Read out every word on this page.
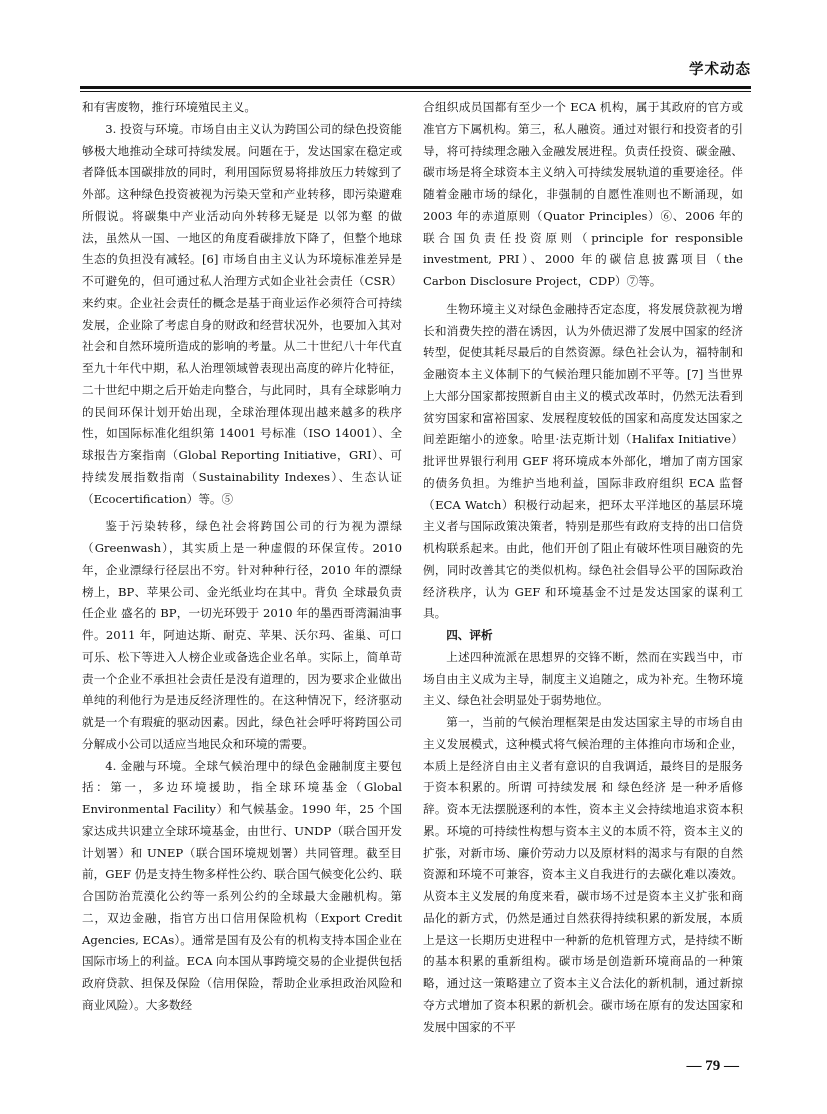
学术动态

和有害废物，推行环境殖民主义。

3. 投资与环境。市场自由主义认为跨国公司的绿色投资能够极大地推动全球可持续发展。问题在于，发达国家在稳定或者降低本国碳排放的同时，利用国际贸易将排放压力转嫁到了外部。这种绿色投资被视为污染天堂和产业转移，即污染避难所假说。将碳集中产业活动向外转移无疑是 以邻为壑 的做法，虽然从一国、一地区的角度看碳排放下降了，但整个地球生态的负担没有减轻。[6] 市场自由主义认为环境标准差异是不可避免的，但可通过私人治理方式如企业社会责任（CSR）来约束。企业社会责任的概念是基于商业运作必须符合可持续发展，企业除了考虑自身的财政和经营状况外，也要加入其对社会和自然环境所造成的影响的考量。从二十世纪八十年代直至九十年代中期，私人治理领域曾表现出高度的碎片化特征，二十世纪中期之后开始走向整合，与此同时，具有全球影响力的民间环保计划开始出现，全球治理体现出越来越多的秩序性，如国际标准化组织第 14001 号标准（ISO 14001）、全球报告方案指南（Global Reporting Initiative，GRI）、可持续发展指数指南（Sustainability Indexes）、生态认证（Ecocertification）等。⑤

鉴于污染转移，绿色社会将跨国公司的行为视为漂绿（Greenwash），其实质上是一种虚假的环保宣传。2010 年，企业漂绿行径层出不穷。针对种种行径，2010 年的漂绿榜上，BP、苹果公司、金光纸业均在其中。背负 全球最负责任企业 盛名的 BP，一切光环毁于 2010 年的墨西哥湾漏油事件。2011 年，阿迪达斯、耐克、苹果、沃尔玛、雀巢、可口可乐、松下等进入人榜企业或备选企业名单。实际上，简单苛责一个企业不承担社会责任是没有道理的，因为要求企业做出单纯的利他行为是违反经济理性的。在这种情况下，经济驱动就是一个有瑕疵的驱动因素。因此，绿色社会呼吁将跨国公司分解成小公司以适应当地民众和环境的需要。

4. 金融与环境。全球气候治理中的绿色金融制度主要包括：第一，多边环境援助，指全球环境基金（Global Environmental Facility）和气候基金。1990 年，25 个国家达成共识建立全球环境基金，由世行、UNDP（联合国开发计划署）和 UNEP（联合国环境规划署）共同管理。截至目前，GEF 仍是支持生物多样性公约、联合国气候变化公约、联合国防治荒漠化公约等一系列公约的全球最大金融机构。第二，双边金融，指官方出口信用保险机构（Export Credit Agencies, ECAs）。通常是国有及公有的机构支持本国企业在国际市场上的利益。ECA 向本国从事跨境交易的企业提供包括政府贷款、担保及保险（信用保险，帮助企业承担政治风险和商业风险）。大多数经

合组织成员国都有至少一个 ECA 机构，属于其政府的官方或准官方下属机构。第三，私人融资。通过对银行和投资者的引导，将可持续理念融入金融发展进程。负责任投资、碳金融、碳市场是将全球资本主义纳入可持续发展轨道的重要途径。伴随着金融市场的绿化，非强制的自愿性准则也不断涌现，如 2003 年的赤道原则（Quator Principles）⑥、2006 年的联合国负责任投资原则（principle for responsible investment, PRI）、2000 年的碳信息披露项目（the Carbon Disclosure Project，CDP）⑦等。

生物环境主义对绿色金融持否定态度，将发展贷款视为增长和消费失控的潜在诱因，认为外债迟滞了发展中国家的经济转型，促使其耗尽最后的自然资源。绿色社会认为，福特制和金融资本主义体制下的气候治理只能加剧不平等。[7] 当世界上大部分国家都按照新自由主义的模式改革时，仍然无法看到贫穷国家和富裕国家、发展程度较低的国家和高度发达国家之间差距缩小的迹象。哈里·法克斯计划（Halifax Initiative）批评世界银行利用 GEF 将环境成本外部化，增加了南方国家的债务负担。为维护当地利益，国际非政府组织 ECA 监督（ECA Watch）积极行动起来，把环太平洋地区的基层环境主义者与国际政策决策者，特别是那些有政府支持的出口信贷机构联系起来。由此，他们开创了阻止有破坏性项目融资的先例，同时改善其它的类似机构。绿色社会倡导公平的国际政治经济秩序，认为 GEF 和环境基金不过是发达国家的谋利工具。

四、评析

上述四种流派在思想界的交锋不断，然而在实践当中，市场自由主义成为主导，制度主义追随之，成为补充。生物环境主义、绿色社会明显处于弱势地位。

第一，当前的气候治理框架是由发达国家主导的市场自由主义发展模式，这种模式将气候治理的主体推向市场和企业，本质上是经济自由主义者有意识的自我调适，最终目的是服务于资本积累的。所谓 可持续发展 和 绿色经济 是一种矛盾修辞。资本无法摆脱逐利的本性，资本主义会持续地追求资本积累。环境的可持续性构想与资本主义的本质不符，资本主义的扩张，对新市场、廉价劳动力以及原材料的渴求与有限的自然资源和环境不可兼容，资本主义自我进行的去碳化难以凑效。从资本主义发展的角度来看，碳市场不过是资本主义扩张和商品化的新方式，仍然是通过自然获得持续积累的新发展，本质上是这一长期历史进程中一种新的危机管理方式，是持续不断的基本积累的重新组构。碳市场是创造新环境商品的一种策略，通过这一策略建立了资本主义合法化的新机制，通过新掠夺方式增加了资本积累的新机会。碳市场在原有的发达国家和发展中国家的不平

— 79 —
